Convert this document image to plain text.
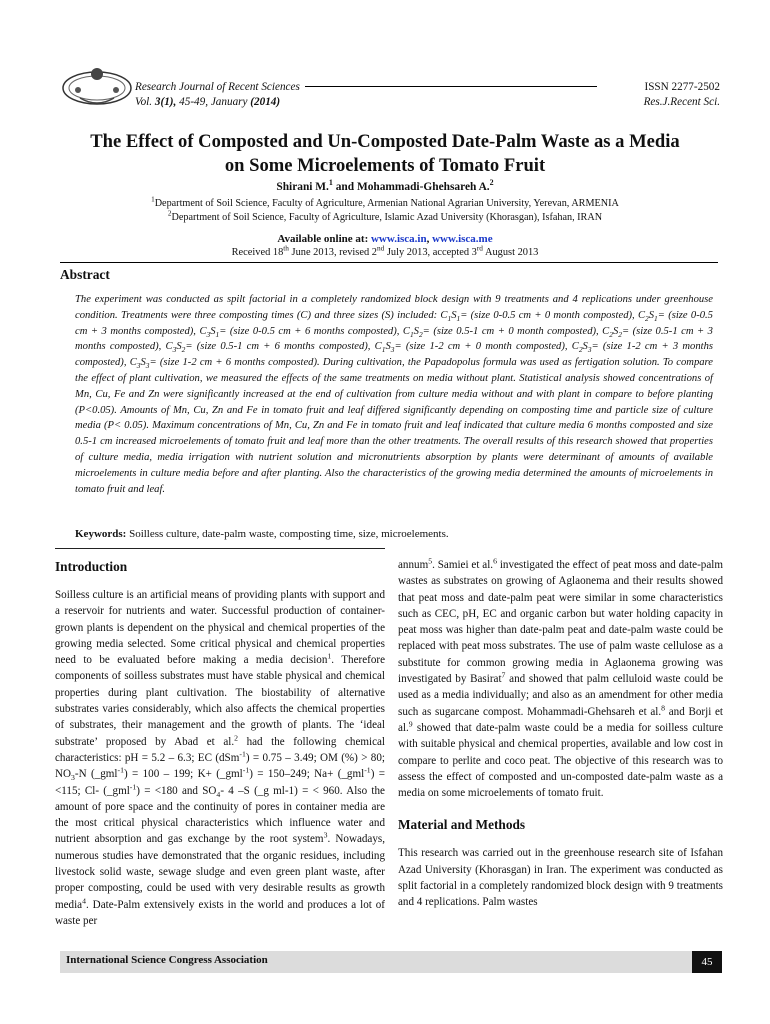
Research Journal of Recent Sciences
Vol. 3(1), 45-49, January (2014)
ISSN 2277-2502
Res.J.Recent Sci.
The Effect of Composted and Un-Composted Date-Palm Waste as a Media
on Some Microelements of Tomato Fruit
Shirani M.$^1$ and Mohammadi-Ghehsareh A.$^2$
$^1$Department of Soil Science, Faculty of Agriculture, Armenian National Agrarian University, Yerevan, ARMENIA
$^2$Department of Soil Science, Faculty of Agriculture, Islamic Azad University (Khorasgan), Isfahan, IRAN
Available online at: www.isca.in, www.isca.me
Received 18th June 2013, revised 2nd July 2013, accepted 3rd August 2013
Abstract
The experiment was conducted as spilt factorial in a completely randomized block design with 9 treatments and 4 replications under greenhouse condition. Treatments were three composting times (C) and three sizes (S) included: $C_1S_1=$ (size 0-0.5 cm + 0 month composted), $C_2S_1=$ (size 0-0.5 cm + 3 months composted), $C_3S_1=$ (size 0-0.5 cm + 6 months composted), $C_1S_2=$ (size 0.5-1 cm + 0 month composted), $C_2S_2=$ (size 0.5-1 cm + 3 months composted), $C_3S_2=$ (size 0.5-1 cm + 6 months composted), $C_1S_3=$ (size 1-2 cm + 0 month composted), $C_2S_3=$ (size 1-2 cm + 3 months composted), $C_3S_3=$ (size 1-2 cm + 6 months composted). During cultivation, the Papadopolus formula was used as fertigation solution. To compare the effect of plant cultivation, we measured the effects of the same treatments on media without plant. Statistical analysis showed concentrations of Mn, Cu, Fe and Zn were significantly increased at the end of cultivation from culture media without and with plant in compare to before planting (P<0.05). Amounts of Mn, Cu, Zn and Fe in tomato fruit and leaf differed significantly depending on composting time and particle size of culture media (P< 0.05). Maximum concentrations of Mn, Cu, Zn and Fe in tomato fruit and leaf indicated that culture media 6 months composted and size 0.5-1 cm increased microelements of tomato fruit and leaf more than the other treatments. The overall results of this research showed that properties of culture media, media irrigation with nutrient solution and micronutrients absorption by plants were determinant of amounts of available microelements in culture media before and after planting. Also the characteristics of the growing media determined the amounts of microelements in tomato fruit and leaf.
Keywords: Soilless culture, date-palm waste, composting time, size, microelements.
Introduction

Soilless culture is an artificial means of providing plants with support and a reservoir for nutrients and water. Successful production of container-grown plants is dependent on the physical and chemical properties of the growing media selected. Some critical physical and chemical properties need to be evaluated before making a media decision$^1$. Therefore components of soilless substrates must have stable physical and chemical properties during plant cultivation. The biostability of alternative substrates varies considerably, which also affects the chemical properties of substrates, their management and the growth of plants. The ‘ideal substrate’ proposed by Abad et al.$^2$ had the following chemical characteristics: pH = 5.2 – 6.3; EC (dSm$^{-1}$) = 0.75 – 3.49; OM (%) > 80; $NO_3-N$ (_gml$^{-1}$) = 100 – 199; K+ (_gml$^{-1}$) = 150–249; Na+ (_gml$^{-1}$) = <115; Cl- (_gml$^{-1}$) = <180 and $SO_4-$ 4 –S (_g ml-1) = < 960. Also the amount of pore space and the continuity of pores in container media are the most critical physical characteristics which influence water and nutrient absorption and gas exchange by the root system$^3$. Nowadays, numerous studies have demonstrated that the organic residues, including livestock solid waste, sewage sludge and even green plant waste, after proper composting, could be used with very desirable results as growth media$^4$. Date-Palm extensively exists in the world and produces a lot of waste per

annum$^5$. Samiei et al.$^6$ investigated the effect of peat moss and date-palm wastes as substrates on growing of Aglaonema and their results showed that peat moss and date-palm peat were similar in some characteristics such as CEC, pH, EC and organic carbon but water holding capacity in peat moss was higher than date-palm peat and date-palm waste could be replaced with peat moss substrates. The use of palm waste cellulose as a substitute for common growing media in Aglaonema growing was investigated by Basirat$^7$ and showed that palm celluloid waste could be used as a media individually; and also as an amendment for other media such as sugarcane compost. Mohammadi-Ghehsareh et al.$^8$ and Borji et al.$^9$ showed that date-palm waste could be a media for soilless culture with suitable physical and chemical properties, available and low cost in compare to perlite and coco peat. The objective of this research was to assess the effect of composted and un-composted date-palm waste as a media on some microelements of tomato fruit.

Material and Methods

This research was carried out in the greenhouse research site of Isfahan Azad University (Khorasgan) in Iran. The experiment was conducted as split factorial in a completely randomized block design with 9 treatments and 4 replications. Palm wastes

International Science Congress Association	45
